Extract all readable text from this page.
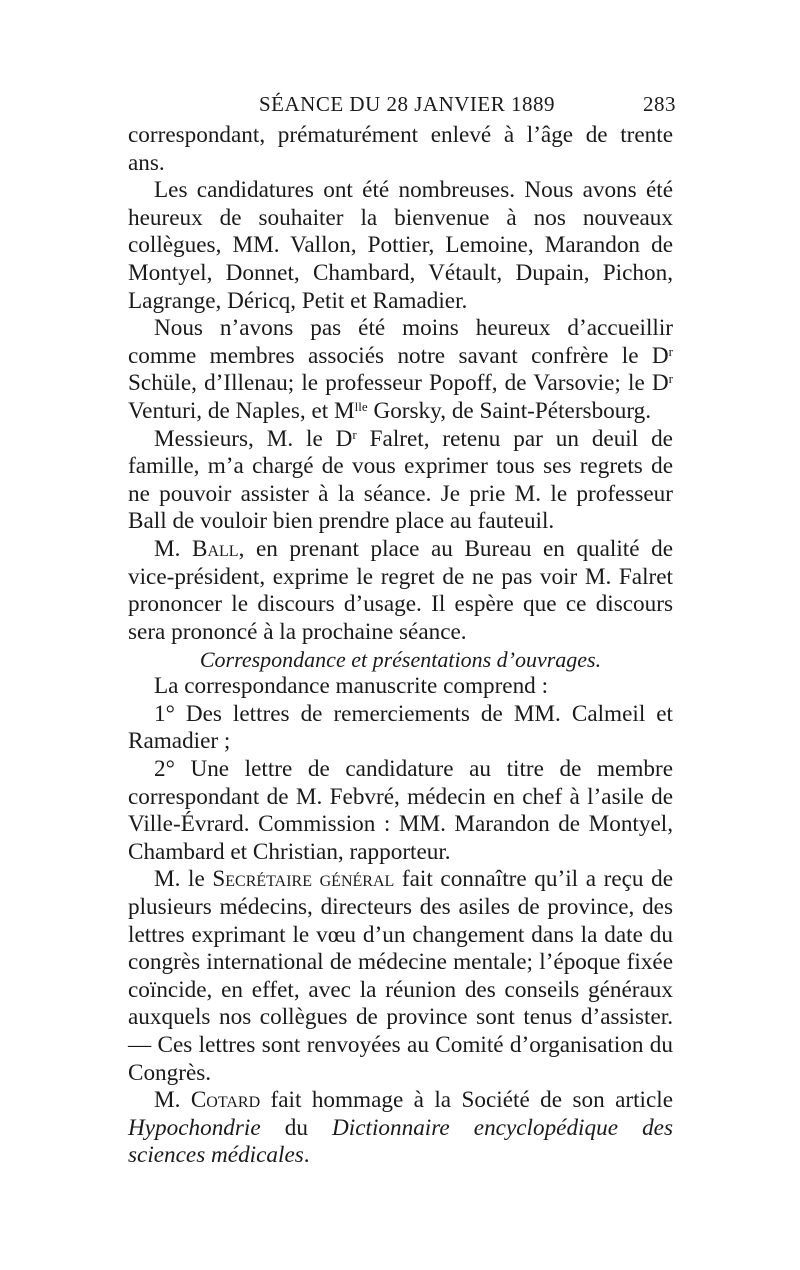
SÉANCE DU 28 JANVIER 1889	283

correspondant, prématurément enlevé à l’âge de trente ans.

Les candidatures ont été nombreuses. Nous avons été heureux de souhaiter la bienvenue à nos nouveaux collègues, MM. Vallon, Pottier, Lemoine, Marandon de Montyel, Donnet, Chambard, Vétault, Dupain, Pichon, Lagrange, Dériсq, Petit et Ramadier.

Nous n’avons pas été moins heureux d’accueillir comme membres associés notre savant confrère le $D^r$ Schüle, d’Illenau; le professeur Popoff, de Varsovie; le $D^r$ Venturi, de Naples, et $M^{lle}$ Gorsky, de Saint-Pétersbourg.

Messieurs, M. le $D^r$ Falret, retenu par un deuil de famille, m’a chargé de vous exprimer tous ses regrets de ne pouvoir assister à la séance. Je prie M. le professeur Ball de vouloir bien prendre place au fauteuil.

M. Ball, en prenant place au Bureau en qualité de vice-président, exprime le regret de ne pas voir M. Falret prononcer le discours d’usage. Il espère que ce discours sera prononcé à la prochaine séance.

Correspondance et présentations d’ouvrages.

La correspondance manuscrite comprend :

1° Des lettres de remerciements de MM. Calmeil et Ramadier ;

2° Une lettre de candidature au titre de membre correspondant de M. Febvré, médecin en chef à l’asile de Ville-Évrard. Commission : MM. Marandon de Montyel, Chambard et Christian, rapporteur.

M. le Secrétaire général fait connaître qu’il a reçu de plusieurs médecins, directeurs des asiles de province, des lettres exprimant le vœu d’un changement dans la date du congrès international de médecine mentale; l’époque fixée coïncide, en effet, avec la réunion des conseils généraux auxquels nos collègues de province sont tenus d’assister. — Ces lettres sont renvoyées au Comité d’organisation du Congrès.

M. Cotard fait hommage à la Société de son article Hypochondrie du Dictionnaire encyclopédique des sciences médicales.
